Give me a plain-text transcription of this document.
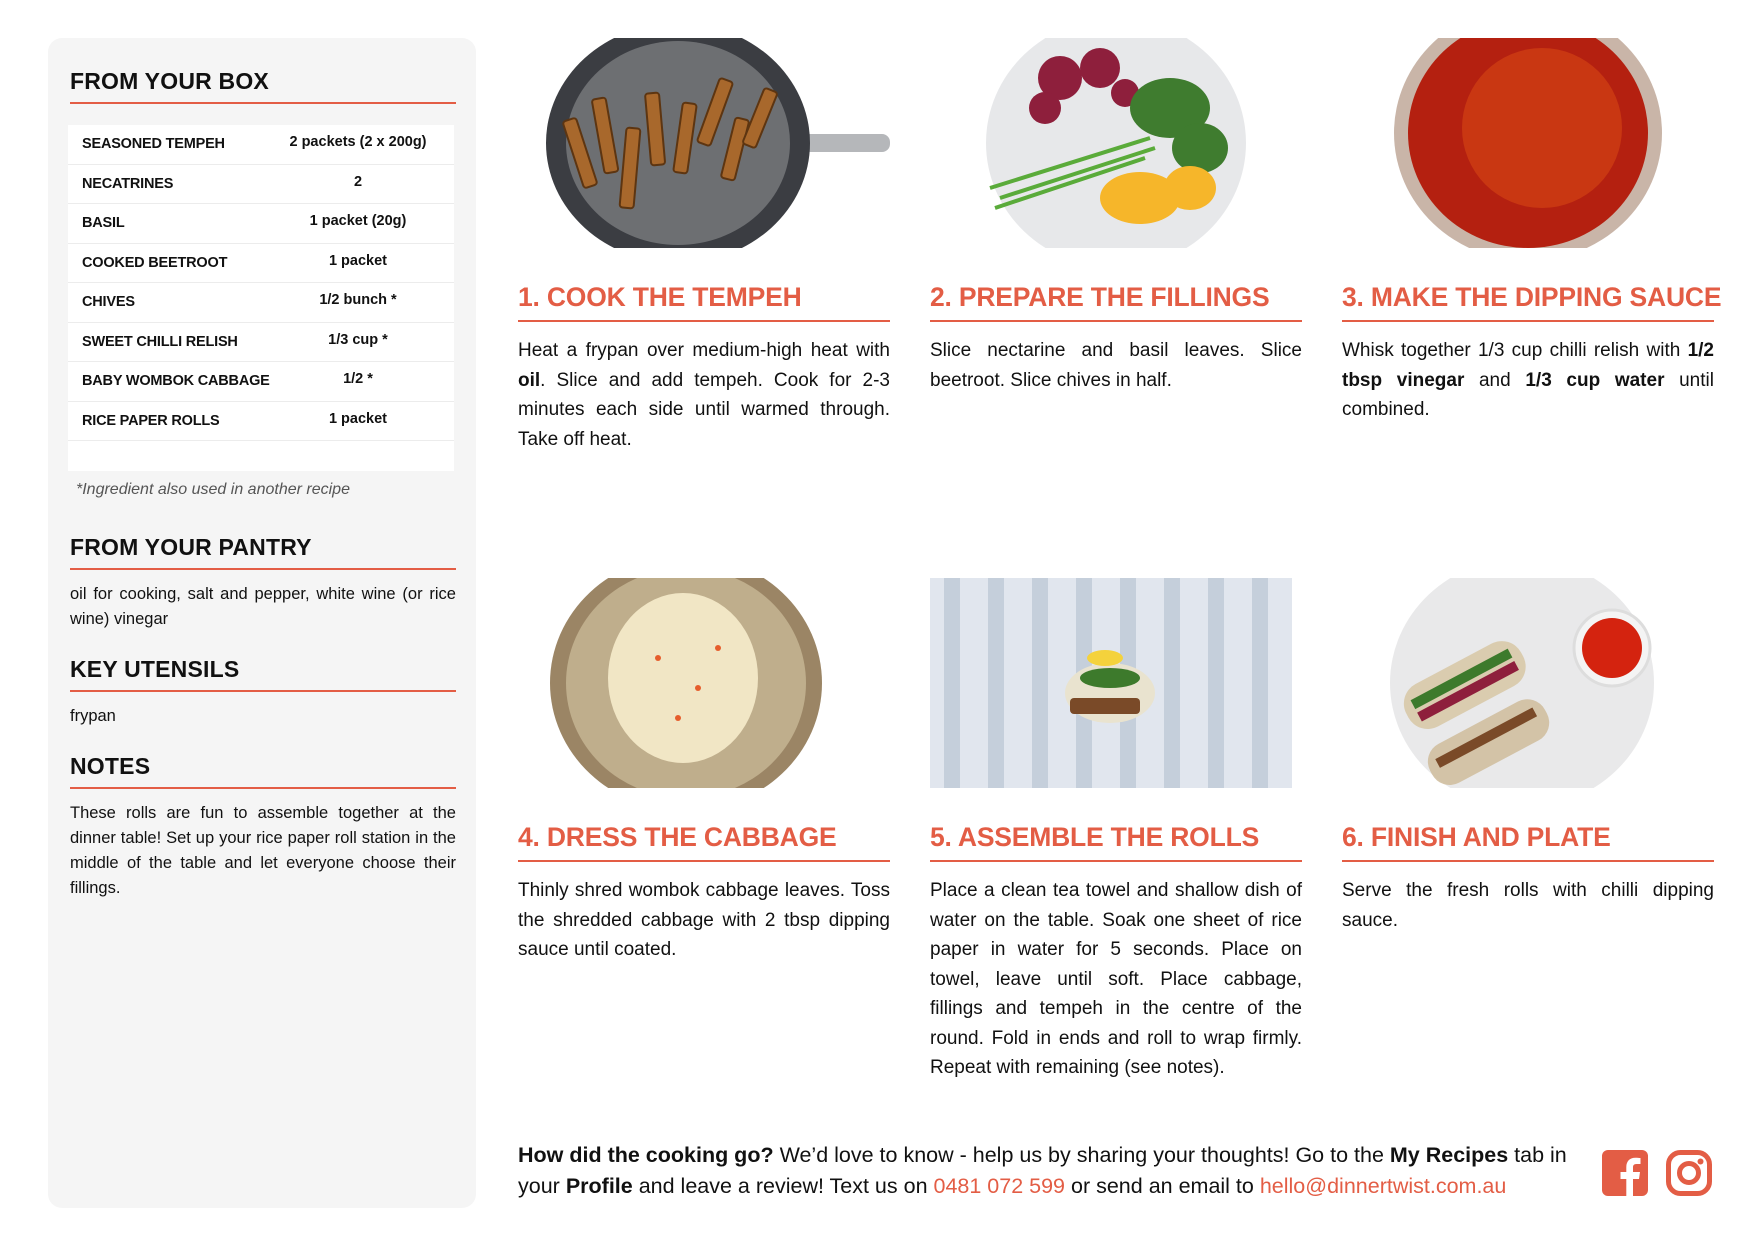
FROM YOUR BOX
SEASONED TEMPEH	2 packets (2 x 200g)
NECATRINES	2
BASIL	1 packet (20g)
COOKED BEETROOT	1 packet
CHIVES	1/2 bunch *
SWEET CHILLI RELISH	1/3 cup *
BABY WOMBOK CABBAGE	1/2 *
RICE PAPER ROLLS	1 packet
*Ingredient also used in another recipe
FROM YOUR PANTRY
oil for cooking, salt and pepper, white wine (or rice wine) vinegar
KEY UTENSILS
frypan
NOTES
These rolls are fun to assemble together at the dinner table! Set up your rice paper roll station in the middle of the table and let everyone choose their fillings.
1. COOK THE TEMPEH	2. PREPARE THE FILLINGS	3. MAKE THE DIPPING SAUCE
4. DRESS THE CABBAGE	5. ASSEMBLE THE ROLLS	6. FINISH AND PLATE
Heat a frypan over medium-high heat with oil. Slice and add tempeh. Cook for 2-3 minutes each side until warmed through. Take off heat.
Slice nectarine and basil leaves. Slice beetroot. Slice chives in half.
Whisk together 1/3 cup chilli relish with 1/2 tbsp vinegar and 1/3 cup water until combined.
Thinly shred wombok cabbage leaves. Toss the shredded cabbage with 2 tbsp dipping sauce until coated.
Place a clean tea towel and shallow dish of water on the table. Soak one sheet of rice paper in water for 5 seconds. Place on towel, leave until soft. Place cabbage, fillings and tempeh in the centre of the round. Fold in ends and roll to wrap firmly. Repeat with remaining (see notes).
Serve the fresh rolls with chilli dipping sauce.
How did the cooking go? We’d love to know - help us by sharing your thoughts! Go to the My Recipes tab in your Profile and leave a review! Text us on 0481 072 599 or send an email to hello@dinnertwist.com.au
